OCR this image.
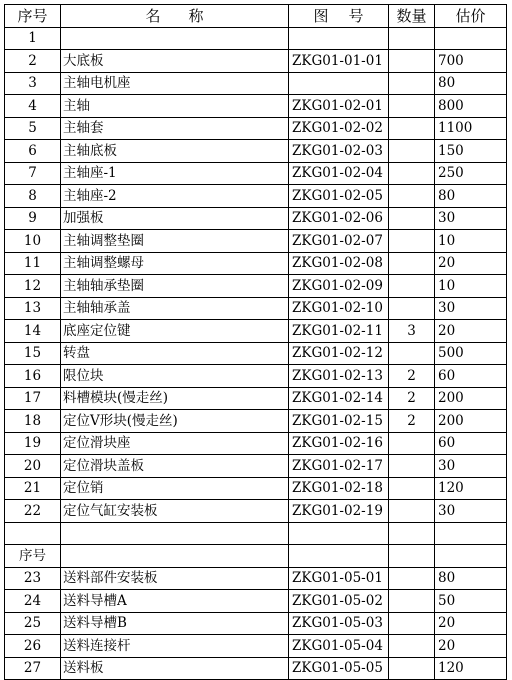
序号	名 称	图 号	数量	估价
1				
2	大底板	ZKG01-01-01		700
3	主轴电机座			80
4	主轴	ZKG01-02-01		800
5	主轴套	ZKG01-02-02		1100
6	主轴底板	ZKG01-02-03		150
7	主轴座-1	ZKG01-02-04		250
8	主轴座-2	ZKG01-02-05		80
9	加强板	ZKG01-02-06		30
10	主轴调整垫圈	ZKG01-02-07		10
11	主轴调整螺母	ZKG01-02-08		20
12	主轴轴承垫圈	ZKG01-02-09		10
13	主轴轴承盖	ZKG01-02-10		30
14	底座定位键	ZKG01-02-11	3	20
15	转盘	ZKG01-02-12		500
16	限位块	ZKG01-02-13	2	60
17	料槽模块(慢走丝)	ZKG01-02-14	2	200
18	定位V形块(慢走丝)	ZKG01-02-15	2	200
19	定位滑块座	ZKG01-02-16		60
20	定位滑块盖板	ZKG01-02-17		30
21	定位销	ZKG01-02-18		120
22	定位气缸安装板	ZKG01-02-19		30

序号				
23	送料部件安装板	ZKG01-05-01		80
24	送料导槽A	ZKG01-05-02		50
25	送料导槽B	ZKG01-05-03		20
26	送料连接杆	ZKG01-05-04		20
27	送料板	ZKG01-05-05		120
